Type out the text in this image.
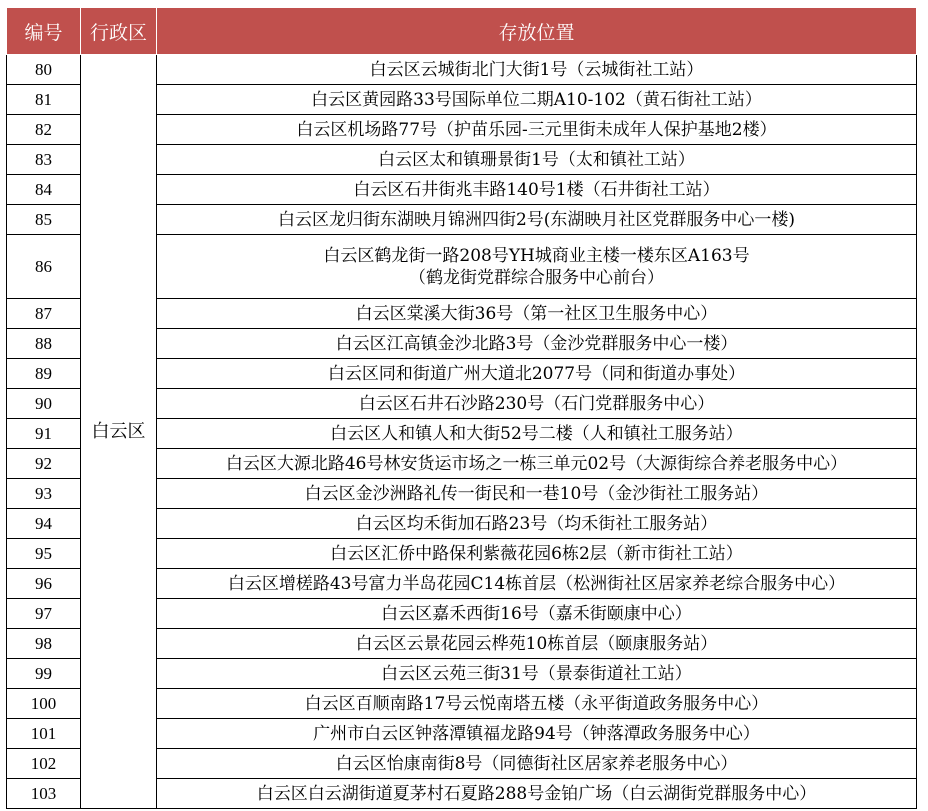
编号	行政区	存放位置
80	白云区	白云区云城街北门大街1号（云城街社工站）
81		白云区黄园路33号国际单位二期A10-102（黄石街社工站）
82		白云区机场路77号（护苗乐园-三元里街未成年人保护基地2楼）
83		白云区太和镇珊景街1号（太和镇社工站）
84		白云区石井街兆丰路140号1楼（石井街社工站）
85		白云区龙归街东湖映月锦洲四街2号(东湖映月社区党群服务中心一楼)
86		白云区鹤龙街一路208号YH城商业主楼一楼东区A163号
（鹤龙街党群综合服务中心前台）

87		白云区棠溪大街36号（第一社区卫生服务中心）
88		白云区江高镇金沙北路3号（金沙党群服务中心一楼）
89		白云区同和街道广州大道北2077号（同和街道办事处）
90		白云区石井石沙路230号（石门党群服务中心）
91		白云区人和镇人和大街52号二楼（人和镇社工服务站）
92		白云区大源北路46号林安货运市场之一栋三单元02号（大源街综合养老服务中心）
93		白云区金沙洲路礼传一街民和一巷10号（金沙街社工服务站）
94		白云区均禾街加石路23号（均禾街社工服务站）
95		白云区汇侨中路保利紫薇花园6栋2层（新市街社工站）
96		白云区增槎路43号富力半岛花园C14栋首层（松洲街社区居家养老综合服务中心）
97		白云区嘉禾西街16号（嘉禾街颐康中心）
98		白云区云景花园云桦苑10栋首层（颐康服务站）
99		白云区云苑三街31号（景泰街道社工站）
100		白云区百顺南路17号云悦南塔五楼（永平街道政务服务中心）
101		广州市白云区钟落潭镇福龙路94号（钟落潭政务服务中心）
102		白云区怡康南街8号（同德街社区居家养老服务中心）
103		白云区白云湖街道夏茅村石夏路288号金铂广场（白云湖街党群服务中心）
